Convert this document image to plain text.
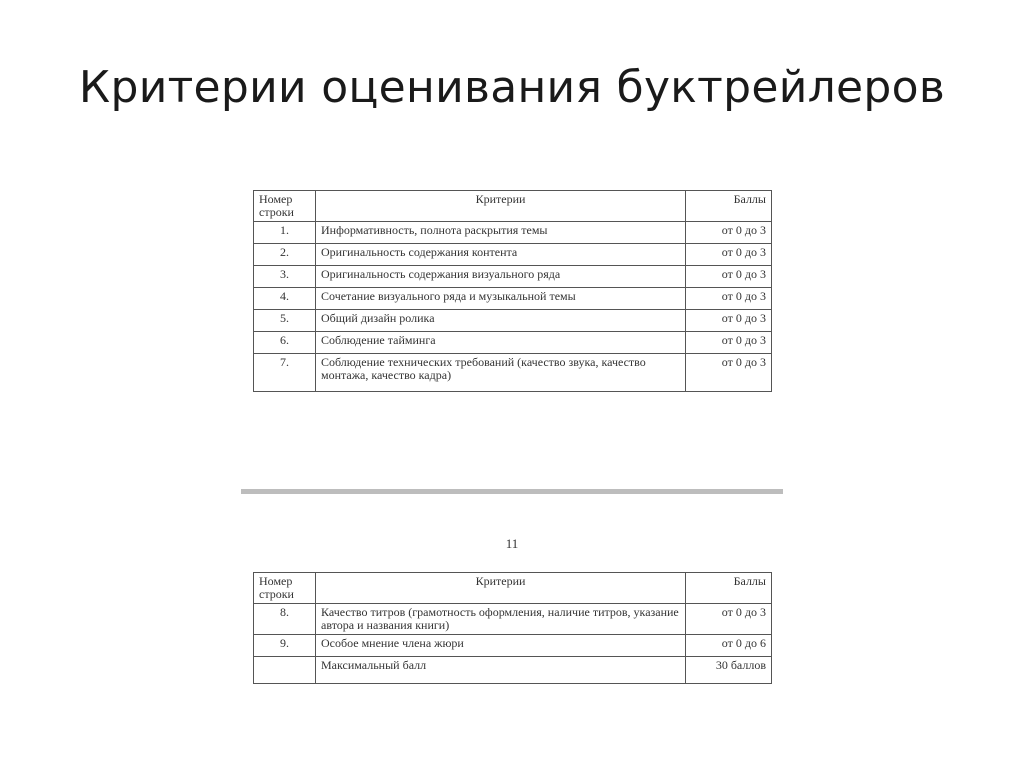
Критерии оценивания буктрейлеров
Номер строки	Критерии	Баллы
1.	Информативность, полнота раскрытия темы	от 0 до 3
2.	Оригинальность содержания контента	от 0 до 3
3.	Оригинальность содержания визуального ряда	от 0 до 3
4.	Сочетание визуального ряда и музыкальной темы	от 0 до 3
5.	Общий дизайн ролика	от 0 до 3
6.	Соблюдение тайминга	от 0 до 3
7.	Соблюдение технических требований (качество звука, качество монтажа, качество кадра)	от 0 до 3
11
Номер строки	Критерии	Баллы
8.	Качество титров (грамотность оформления, наличие титров, указание автора и названия книги)	от 0 до 3
9.	Особое мнение члена жюри	от 0 до 6
	Максимальный балл	30 баллов
